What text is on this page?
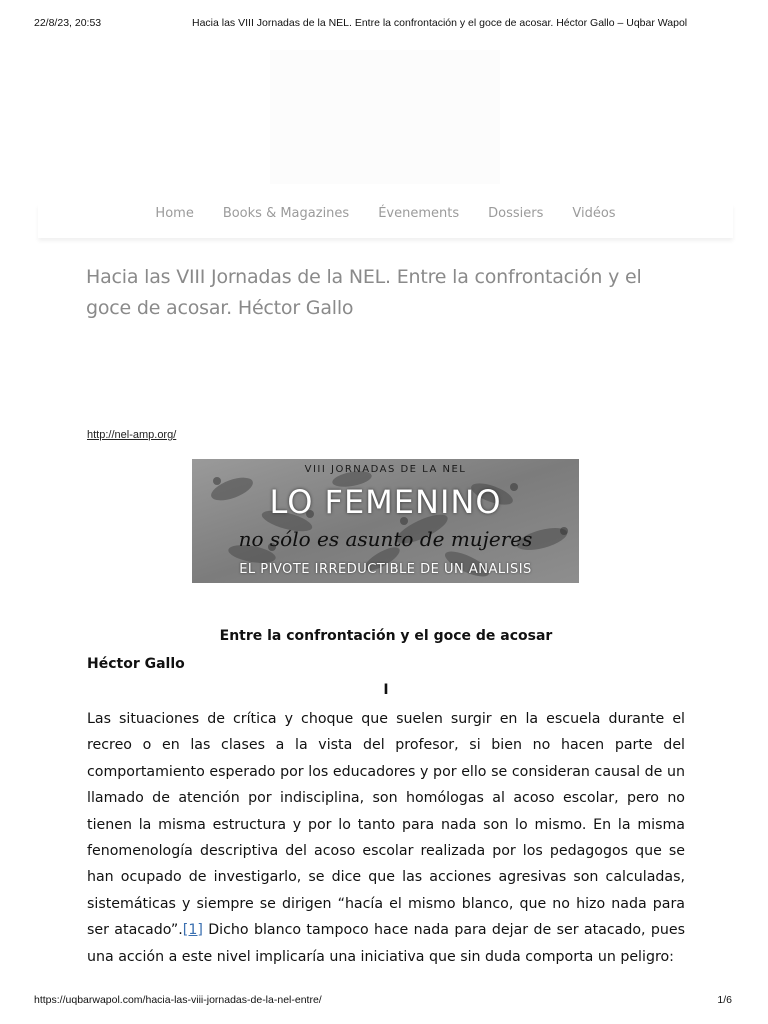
22/8/23, 20:53	Hacia las VIII Jornadas de la NEL. Entre la confrontación y el goce de acosar. Héctor Gallo – Uqbar Wapol
Home Books & Magazines Évenements Dossiers Vidéos
Hacia las VIII Jornadas de la NEL. Entre la confrontación y el goce de acosar. Héctor Gallo
http://nel-amp.org/
VIII JORNADAS DE LA NEL
LO FEMENINO
no sólo es asunto de mujeres
EL PIVOTE IRREDUCTIBLE DE UN ANALISIS
Entre la confrontación y el goce de acosar
Héctor Gallo
I

Las situaciones de crítica y choque que suelen surgir en la escuela durante el recreo o en las clases a la vista del profesor, si bien no hacen parte del comportamiento esperado por los educadores y por ello se consideran causal de un llamado de atención por indisciplina, son homólogas al acoso escolar, pero no tienen la misma estructura y por lo tanto para nada son lo mismo. En la misma fenomenología descriptiva del acoso escolar realizada por los pedagogos que se han ocupado de investigarlo, se dice que las acciones agresivas son calculadas, sistemáticas y siempre se dirigen “hacía el mismo blanco, que no hizo nada para ser atacado”.[1] Dicho blanco tampoco hace nada para dejar de ser atacado, pues una acción a este nivel implicaría una iniciativa que sin duda comporta un peligro:

https://uqbarwapol.com/hacia-las-viii-jornadas-de-la-nel-entre/	1/6
